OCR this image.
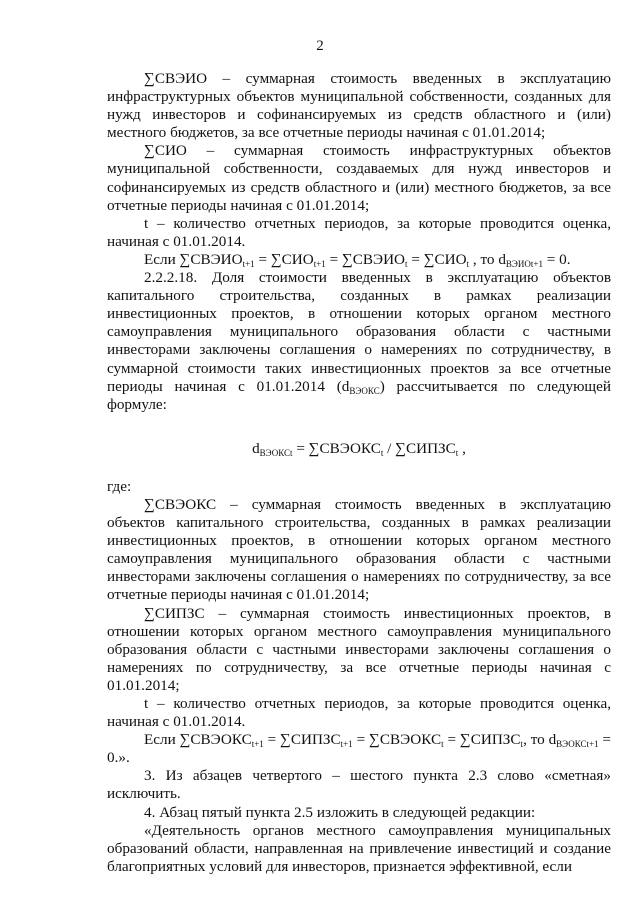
2

∑СВЭИО – суммарная стоимость введенных в эксплуатацию инфраструктурных объектов муниципальной собственности, созданных для нужд инвесторов и софинансируемых из средств областного и (или) местного бюджетов, за все отчетные периоды начиная с 01.01.2014;

∑СИО – суммарная стоимость инфраструктурных объектов муниципальной собственности, создаваемых для нужд инвесторов и софинансируемых из средств областного и (или) местного бюджетов, за все отчетные периоды начиная с 01.01.2014;

t – количество отчетных периодов, за которые проводится оценка, начиная с 01.01.2014.

Если $\sum СВЭИО_{t+1} = \sum СИО_{t+1}$ = $\sum СВЭИО_t = \sum СИО_t$ , то $d_{ВЭИОt+1} = 0$.

2.2.2.18. Доля стоимости введенных в эксплуатацию объектов капитального строительства, созданных в рамках реализации инвестиционных проектов, в отношении которых органом местного самоуправления муниципального образования области с частными инвесторами заключены соглашения о намерениях по сотрудничеству, в суммарной стоимости таких инвестиционных проектов за все отчетные периоды начиная с 01.01.2014 $(d_{ВЭОКС})$ рассчитывается по следующей формуле:

$d_{ВЭОКСt}$ = $\sum СВЭОКС_t$ / $\sum СИПЗС_t$ ,

где:

∑СВЭОКС – суммарная стоимость введенных в эксплуатацию объектов капитального строительства, созданных в рамках реализации инвестиционных проектов, в отношении которых органом местного самоуправления муниципального образования области с частными инвесторами заключены соглашения о намерениях по сотрудничеству, за все отчетные периоды начиная с 01.01.2014;

∑СИПЗС – суммарная стоимость инвестиционных проектов, в отношении которых органом местного самоуправления муниципального образования области с частными инвесторами заключены соглашения о намерениях по сотрудничеству, за все отчетные периоды начиная с 01.01.2014;

t – количество отчетных периодов, за которые проводится оценка, начиная с 01.01.2014.

Если $\sum СВЭОКС_{t+1}$ = $\sum СИПЗС_{t+1}$ = $\sum СВЭОКС_t$ = $\sum СИПЗС_t$, то $d_{ВЭОКСt+1} = 0$.».

3. Из абзацев четвертого – шестого пункта 2.3 слово «сметная» исключить.

4. Абзац пятый пункта 2.5 изложить в следующей редакции:

«Деятельность органов местного самоуправления муниципальных образований области, направленная на привлечение инвестиций и создание благоприятных условий для инвесторов, признается эффективной, если
